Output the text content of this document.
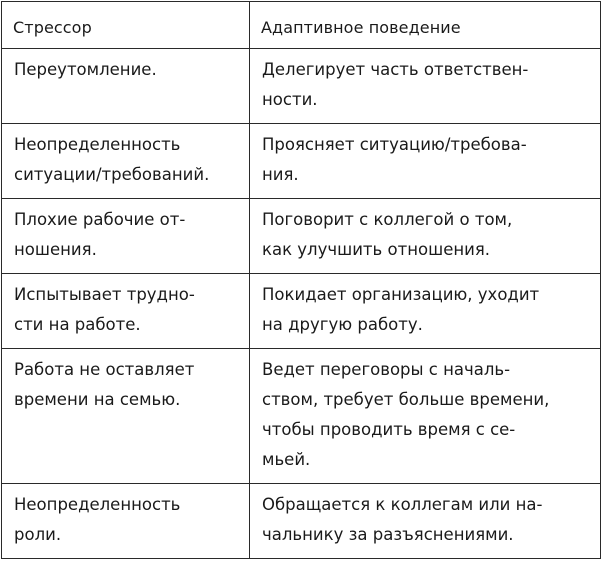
Стрессор	Адаптивное поведение

Переутомление.	Делегирует часть ответствен-
ности.

Неопределенность
ситуации/требований.	Проясняет ситуацию/требова-
ния.

Плохие рабочие от-
ношения.	Поговорит с коллегой о том,
как улучшить отношения.

Испытывает трудно-
сти на работе.	Покидает организацию, уходит
на другую работу.

Работа не оставляет
времени на семью.	Ведет переговоры с началь-
ством, требует больше времени,
чтобы проводить время с се-
мьей.

Неопределенность
роли.	Обращается к коллегам или на-
чальнику за разъяснениями.
